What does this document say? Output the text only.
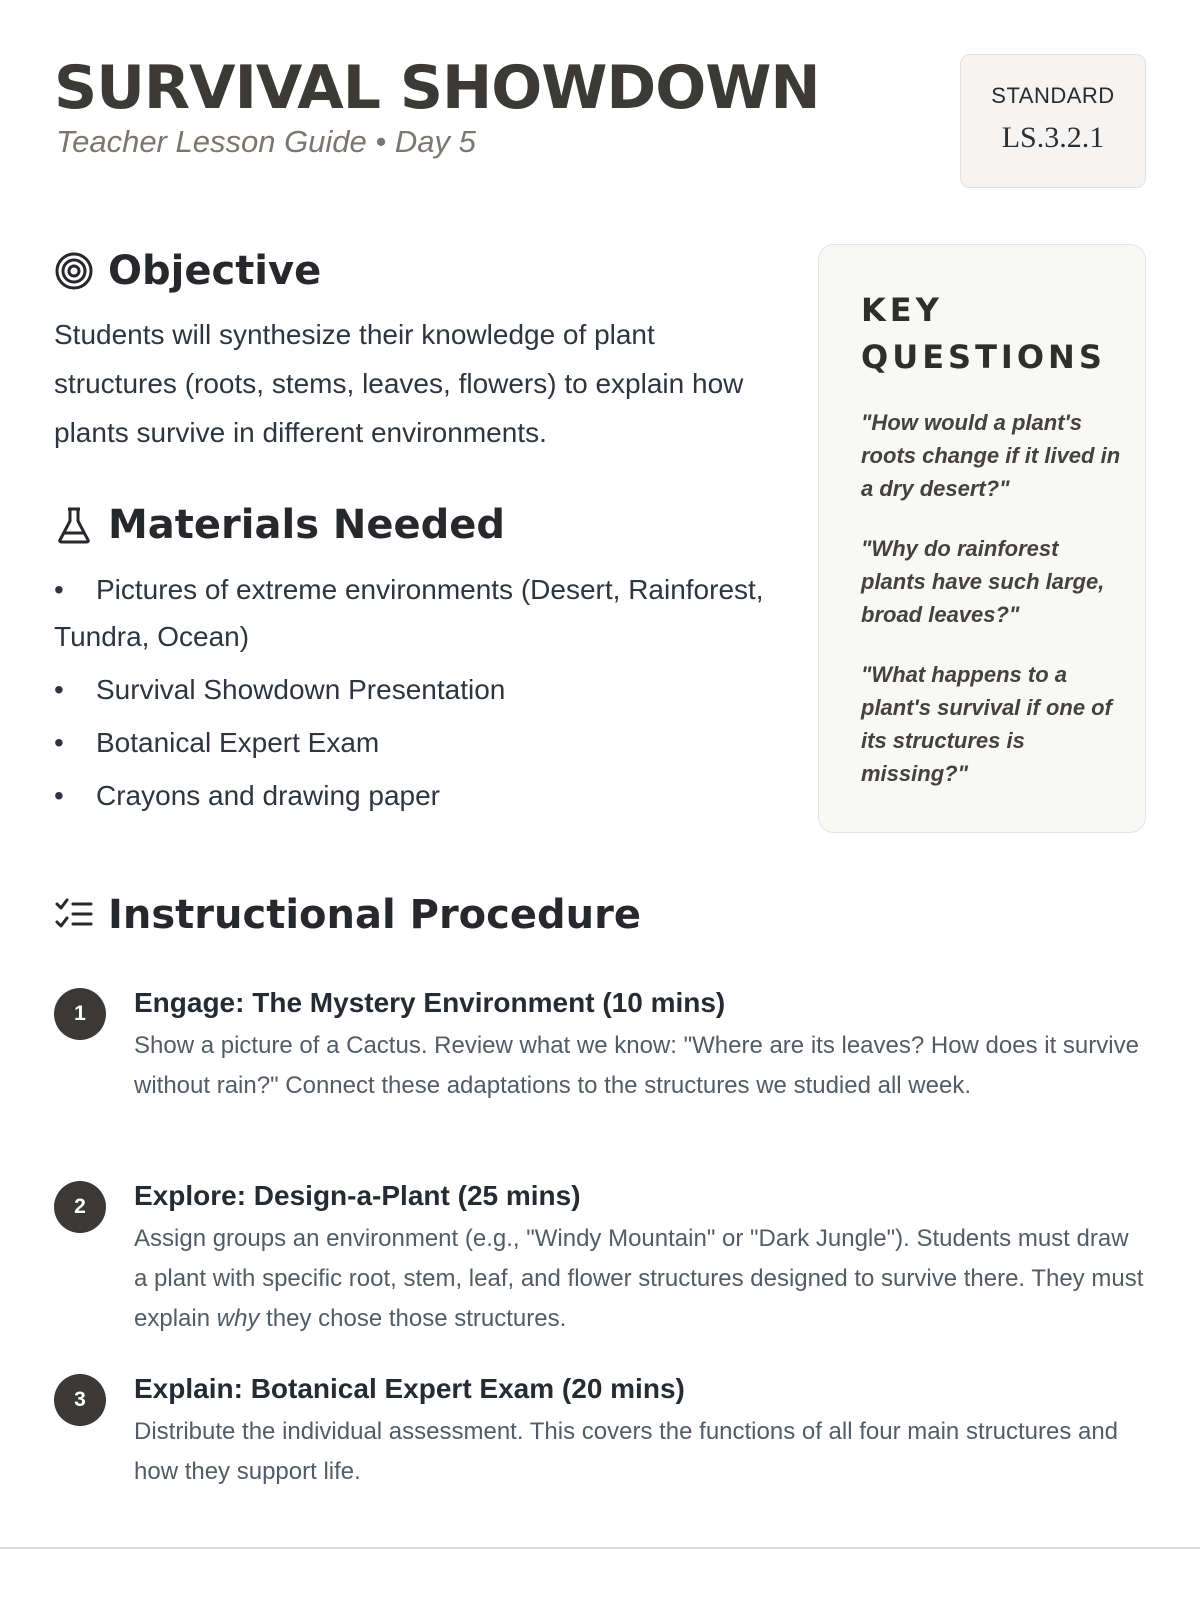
SURVIVAL SHOWDOWN
Teacher Lesson Guide • Day 5
STANDARD
LS.3.2.1
Objective
Students will synthesize their knowledge of plant structures (roots, stems, leaves, flowers) to explain how plants survive in different environments.
Materials Needed
• Pictures of extreme environments (Desert, Rainforest, Tundra, Ocean)
•	Survival Showdown Presentation
•	Botanical Expert Exam
•	Crayons and drawing paper
KEY QUESTIONS
"How would a plant's roots change if it lived in a dry desert?"
"Why do rainforest plants have such large, broad leaves?"
"What happens to a plant's survival if one of its structures is missing?"
Instructional Procedure
1	Engage: The Mystery Environment (10 mins)
Show a picture of a Cactus. Review what we know: "Where are its leaves? How does it survive without rain?" Connect these adaptations to the structures we studied all week.
2	Explore: Design-a-Plant (25 mins)
Assign groups an environment (e.g., "Windy Mountain" or "Dark Jungle"). Students must draw a plant with specific root, stem, leaf, and flower structures designed to survive there. They must explain why they chose those structures.
3	Explain: Botanical Expert Exam (20 mins)
Distribute the individual assessment. This covers the functions of all four main structures and how they support life.
